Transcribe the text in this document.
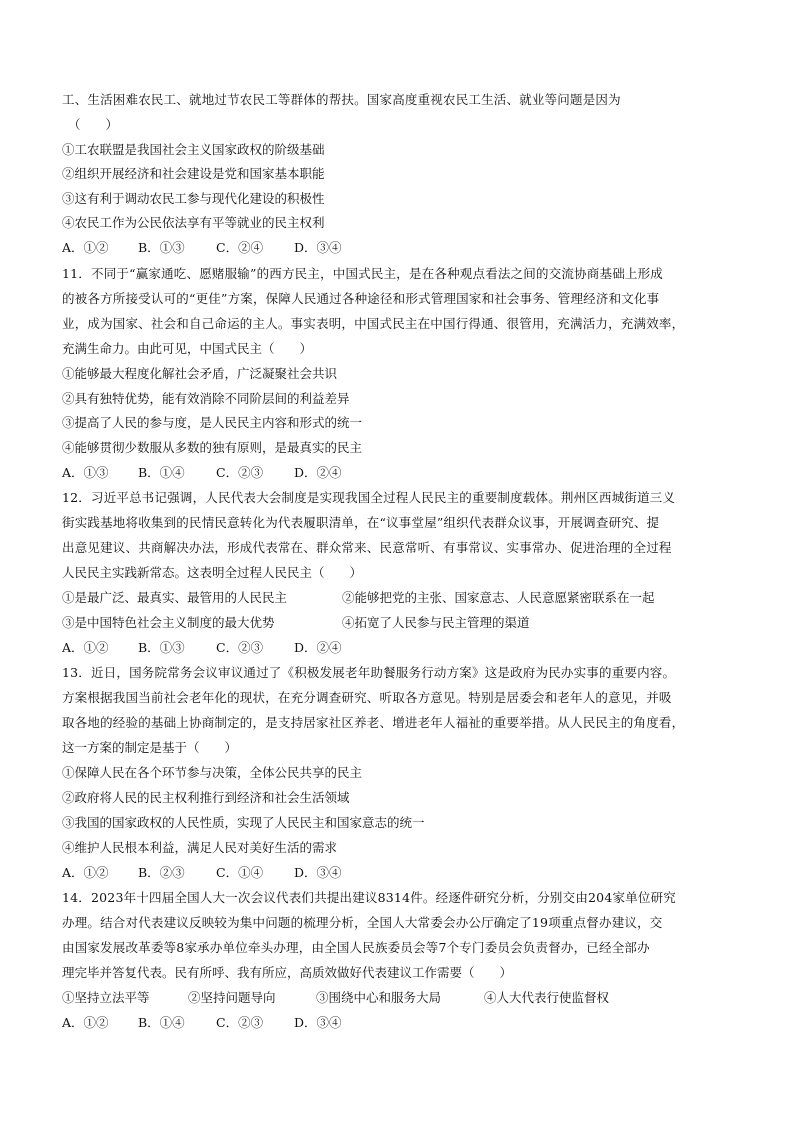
工、生活困难农民工、就地过节农民工等群体的帮扶。国家高度重视农民工生活、就业等问题是因为
（　　）
①工农联盟是我国社会主义国家政权的阶级基础
②组织开展经济和社会建设是党和国家基本职能
③这有利于调动农民工参与现代化建设的积极性
④农民工作为公民依法享有平等就业的民主权利
A．①② B．①③	C．②④ D．③④
11．不同于“赢家通吃、愿赌服输”的西方民主，中国式民主，是在各种观点看法之间的交流协商基础上形成
的被各方所接受认可的“更佳”方案，保障人民通过各种途径和形式管理国家和社会事务、管理经济和文化事
业，成为国家、社会和自己命运的主人。事实表明，中国式民主在中国行得通、很管用，充满活力，充满效率，
充满生命力。由此可见，中国式民主（　　）
①能够最大程度化解社会矛盾，广泛凝聚社会共识
②具有独特优势，能有效消除不同阶层间的利益差异
③提高了人民的参与度，是人民民主内容和形式的统一
④能够贯彻少数服从多数的独有原则，是最真实的民主
A．①③ B．①④	C．②③ D．②④
12．习近平总书记强调，人民代表大会制度是实现我国全过程人民民主的重要制度载体。荆州区西城街道三义
街实践基地将收集到的民情民意转化为代表履职清单，在“议事堂屋”组织代表群众议事，开展调查研究、提
出意见建议、共商解决办法，形成代表常在、群众常来、民意常听、有事常议、实事常办、促进治理的全过程
人民民主实践新常态。这表明全过程人民民主（　　）
①是最广泛、最真实、最管用的人民民主	②能够把党的主张、国家意志、人民意愿紧密联系在一起
③是中国特色社会主义制度的最大优势	④拓宽了人民参与民主管理的渠道
A．①② B．①③	C．②③ D．②④
13．近日，国务院常务会议审议通过了《积极发展老年助餐服务行动方案》这是政府为民办实事的重要内容。
方案根据我国当前社会老年化的现状，在充分调查研究、听取各方意见。特别是居委会和老年人的意见，并吸
取各地的经验的基础上协商制定的，是支持居家社区养老、增进老年人福祉的重要举措。从人民民主的角度看，
这一方案的制定是基于（　　）
①保障人民在各个环节参与决策，全体公民共享的民主
②政府将人民的民主权利推行到经济和社会生活领域
③我国的国家政权的人民性质，实现了人民民主和国家意志的统一
④维护人民根本利益，满足人民对美好生活的需求
A．①② B．②③	C．①④ D．③④
14．2023年十四届全国人大一次会议代表们共提出建议8314件。经逐件研究分析，分别交由204家单位研究
办理。结合对代表建议反映较为集中问题的梳理分析，全国人大常委会办公厅确定了19项重点督办建议，交
由国家发展改革委等8家承办单位牵头办理，由全国人民族委员会等7个专门委员会负责督办，已经全部办
理完毕并答复代表。民有所呼、我有所应，高质效做好代表建议工作需要（　　）
①坚持立法平等	②坚持问题导向	③围绕中心和服务大局	④人大代表行使监督权
A．①② B．①④	C．②③ D．③④
